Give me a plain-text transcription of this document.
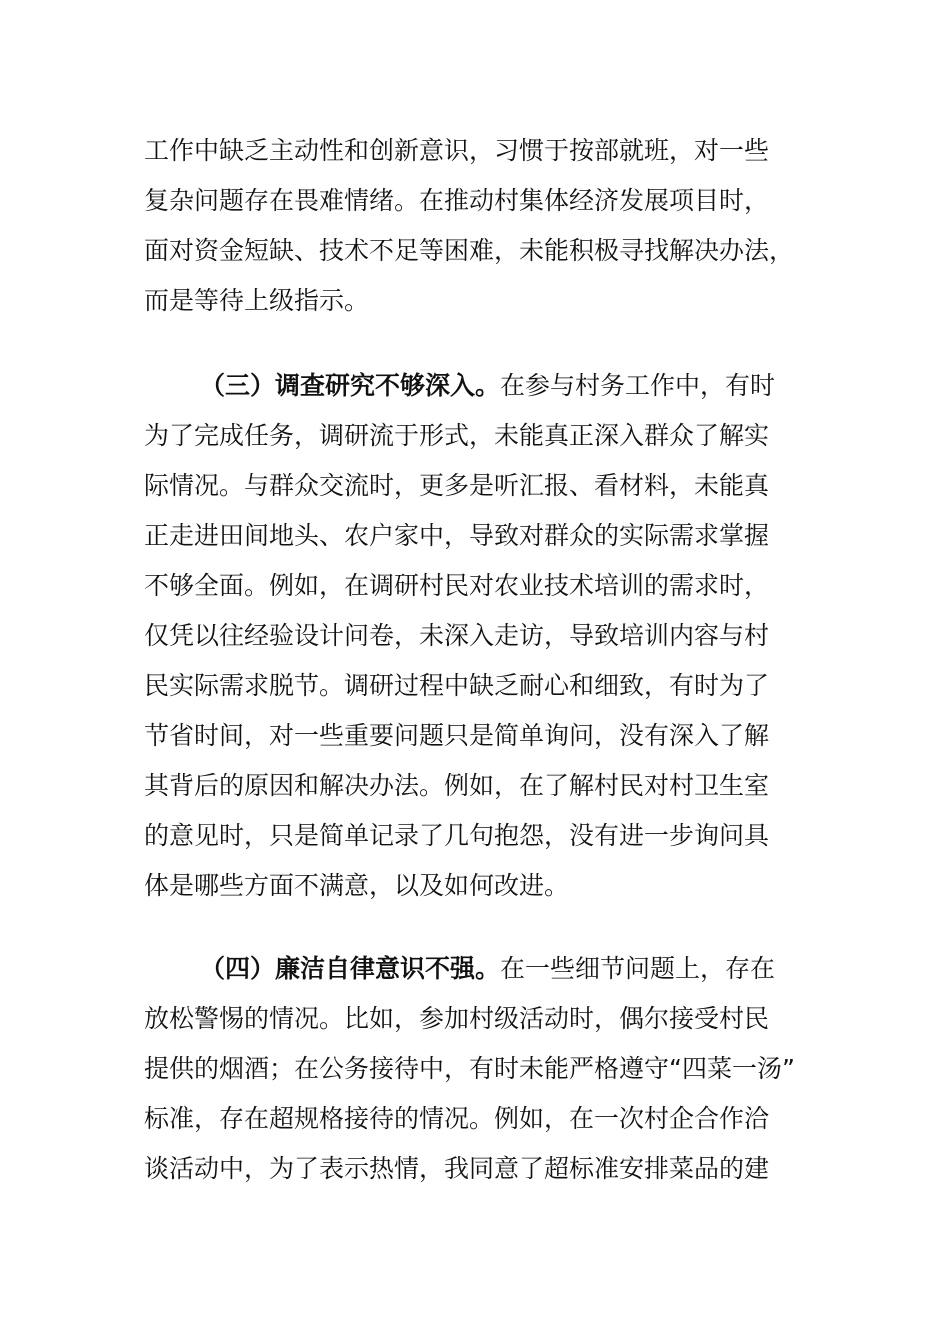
工作中缺乏主动性和创新意识，习惯于按部就班，对一些
复杂问题存在畏难情绪。在推动村集体经济发展项目时，
面对资金短缺、技术不足等困难，未能积极寻找解决办法，
而是等待上级指示。
（三）调查研究不够深入。在参与村务工作中，有时
为了完成任务，调研流于形式，未能真正深入群众了解实
际情况。与群众交流时，更多是听汇报、看材料，未能真
正走进田间地头、农户家中，导致对群众的实际需求掌握
不够全面。例如，在调研村民对农业技术培训的需求时，
仅凭以往经验设计问卷，未深入走访，导致培训内容与村
民实际需求脱节。调研过程中缺乏耐心和细致，有时为了
节省时间，对一些重要问题只是简单询问，没有深入了解
其背后的原因和解决办法。例如，在了解村民对村卫生室
的意见时，只是简单记录了几句抱怨，没有进一步询问具
体是哪些方面不满意，以及如何改进。
（四）廉洁自律意识不强。在一些细节问题上，存在
放松警惕的情况。比如，参加村级活动时，偶尔接受村民
提供的烟酒；在公务接待中，有时未能严格遵守“四菜一汤”
标准，存在超规格接待的情况。例如，在一次村企合作洽
谈活动中，为了表示热情，我同意了超标准安排菜品的建
